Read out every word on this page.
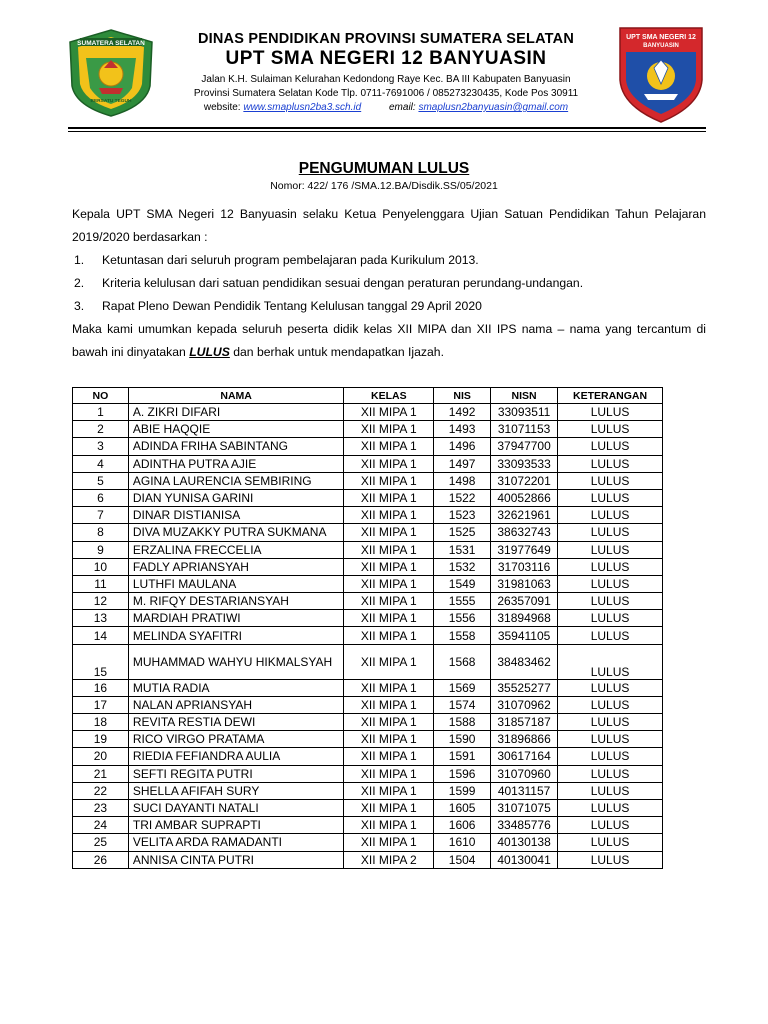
SUMATERA SELATAN
BERSATU TEGUH
DINAS PENDIDIKAN PROVINSI SUMATERA SELATAN
UPT SMA NEGERI 12 BANYUASIN
Jalan K.H. Sulaiman Kelurahan Kedondong Raye Kec. BA III Kabupaten Banyuasin
Provinsi Sumatera Selatan Kode Tlp. 0711-7691006 / 085273230435, Kode Pos 30911
website: www.smaplusn2ba3.sch.id	email: smaplusn2banyuasin@gmail.com
UPT SMA NEGERI 12
BANYUASIN
PENGUMUMAN LULUS
Nomor: 422/ 176 /SMA.12.BA/Disdik.SS/05/2021
Kepala UPT SMA Negeri 12 Banyuasin selaku Ketua Penyelenggara Ujian Satuan Pendidikan Tahun Pelajaran
2019/2020 berdasarkan :
1.	Ketuntasan dari seluruh program pembelajaran pada Kurikulum 2013.
2.	Kriteria kelulusan dari satuan pendidikan sesuai dengan peraturan perundang-undangan.
3.	Rapat Pleno Dewan Pendidik Tentang Kelulusan tanggal 29 April 2020
Maka kami umumkan kepada seluruh peserta didik kelas XII MIPA dan XII IPS nama – nama yang tercantum di
bawah ini dinyatakan LULUS dan berhak untuk mendapatkan Ijazah.
NO	NAMA	KELAS	NIS	NISN	KETERANGAN
1	A. ZIKRI DIFARI	XII MIPA 1	1492	33093511	LULUS
2	ABIE HAQQIE	XII MIPA 1	1493	31071153	LULUS
3	ADINDA FRIHA SABINTANG	XII MIPA 1	1496	37947700	LULUS
4	ADINTHA PUTRA AJIE	XII MIPA 1	1497	33093533	LULUS
5	AGINA LAURENCIA SEMBIRING	XII MIPA 1	1498	31072201	LULUS
6	DIAN YUNISA GARINI	XII MIPA 1	1522	40052866	LULUS
7	DINAR DISTIANISA	XII MIPA 1	1523	32621961	LULUS
8	DIVA MUZAKKY PUTRA SUKMANA	XII MIPA 1	1525	38632743	LULUS
9	ERZALINA FRECCELIA	XII MIPA 1	1531	31977649	LULUS
10	FADLY APRIANSYAH	XII MIPA 1	1532	31703116	LULUS
11	LUTHFI MAULANA	XII MIPA 1	1549	31981063	LULUS
12	M. RIFQY DESTARIANSYAH	XII MIPA 1	1555	26357091	LULUS
13	MARDIAH PRATIWI	XII MIPA 1	1556	31894968	LULUS
14	MELINDA SYAFITRI	XII MIPA 1	1558	35941105	LULUS
15	MUHAMMAD WAHYU HIKMALSYAH	XII MIPA 1	1568	38483462	LULUS
16	MUTIA RADIA	XII MIPA 1	1569	35525277	LULUS
17	NALAN APRIANSYAH	XII MIPA 1	1574	31070962	LULUS
18	REVITA RESTIA DEWI	XII MIPA 1	1588	31857187	LULUS
19	RICO VIRGO PRATAMA	XII MIPA 1	1590	31896866	LULUS
20	RIEDIA FEFIANDRA AULIA	XII MIPA 1	1591	30617164	LULUS
21	SEFTI REGITA PUTRI	XII MIPA 1	1596	31070960	LULUS
22	SHELLA AFIFAH SURY	XII MIPA 1	1599	40131157	LULUS
23	SUCI DAYANTI NATALI	XII MIPA 1	1605	31071075	LULUS
24	TRI AMBAR SUPRAPTI	XII MIPA 1	1606	33485776	LULUS
25	VELITA ARDA RAMADANTI	XII MIPA 1	1610	40130138	LULUS
26	ANNISA CINTA PUTRI	XII MIPA 2	1504	40130041	LULUS
